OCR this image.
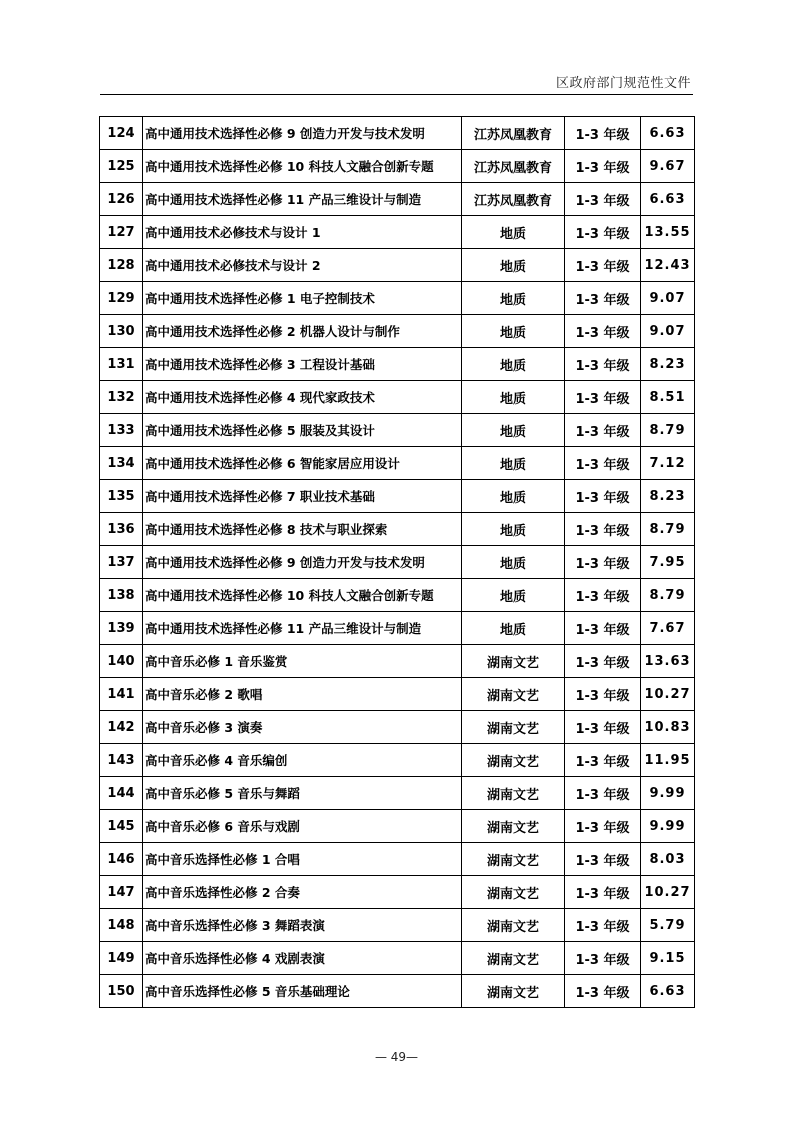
区政府部门规范性文件
124	高中通用技术选择性必修 9 创造力开发与技术发明	江苏凤凰教育	1-3 年级	6.63
125	高中通用技术选择性必修 10 科技人文融合创新专题	江苏凤凰教育	1-3 年级	9.67
126	高中通用技术选择性必修 11 产品三维设计与制造	江苏凤凰教育	1-3 年级	6.63
127	高中通用技术必修技术与设计 1	地质	1-3 年级	13.55
128	高中通用技术必修技术与设计 2	地质	1-3 年级	12.43
129	高中通用技术选择性必修 1 电子控制技术	地质	1-3 年级	9.07
130	高中通用技术选择性必修 2 机器人设计与制作	地质	1-3 年级	9.07
131	高中通用技术选择性必修 3 工程设计基础	地质	1-3 年级	8.23
132	高中通用技术选择性必修 4 现代家政技术	地质	1-3 年级	8.51
133	高中通用技术选择性必修 5 服装及其设计	地质	1-3 年级	8.79
134	高中通用技术选择性必修 6 智能家居应用设计	地质	1-3 年级	7.12
135	高中通用技术选择性必修 7 职业技术基础	地质	1-3 年级	8.23
136	高中通用技术选择性必修 8 技术与职业探索	地质	1-3 年级	8.79
137	高中通用技术选择性必修 9 创造力开发与技术发明	地质	1-3 年级	7.95
138	高中通用技术选择性必修 10 科技人文融合创新专题	地质	1-3 年级	8.79
139	高中通用技术选择性必修 11 产品三维设计与制造	地质	1-3 年级	7.67
140	高中音乐必修 1 音乐鉴赏	湖南文艺	1-3 年级	13.63
141	高中音乐必修 2 歌唱	湖南文艺	1-3 年级	10.27
142	高中音乐必修 3 演奏	湖南文艺	1-3 年级	10.83
143	高中音乐必修 4 音乐编创	湖南文艺	1-3 年级	11.95
144	高中音乐必修 5 音乐与舞蹈	湖南文艺	1-3 年级	9.99
145	高中音乐必修 6 音乐与戏剧	湖南文艺	1-3 年级	9.99
146	高中音乐选择性必修 1 合唱	湖南文艺	1-3 年级	8.03
147	高中音乐选择性必修 2 合奏	湖南文艺	1-3 年级	10.27
148	高中音乐选择性必修 3 舞蹈表演	湖南文艺	1-3 年级	5.79
149	高中音乐选择性必修 4 戏剧表演	湖南文艺	1-3 年级	9.15
150	高中音乐选择性必修 5 音乐基础理论	湖南文艺	1-3 年级	6.63
— 49—
